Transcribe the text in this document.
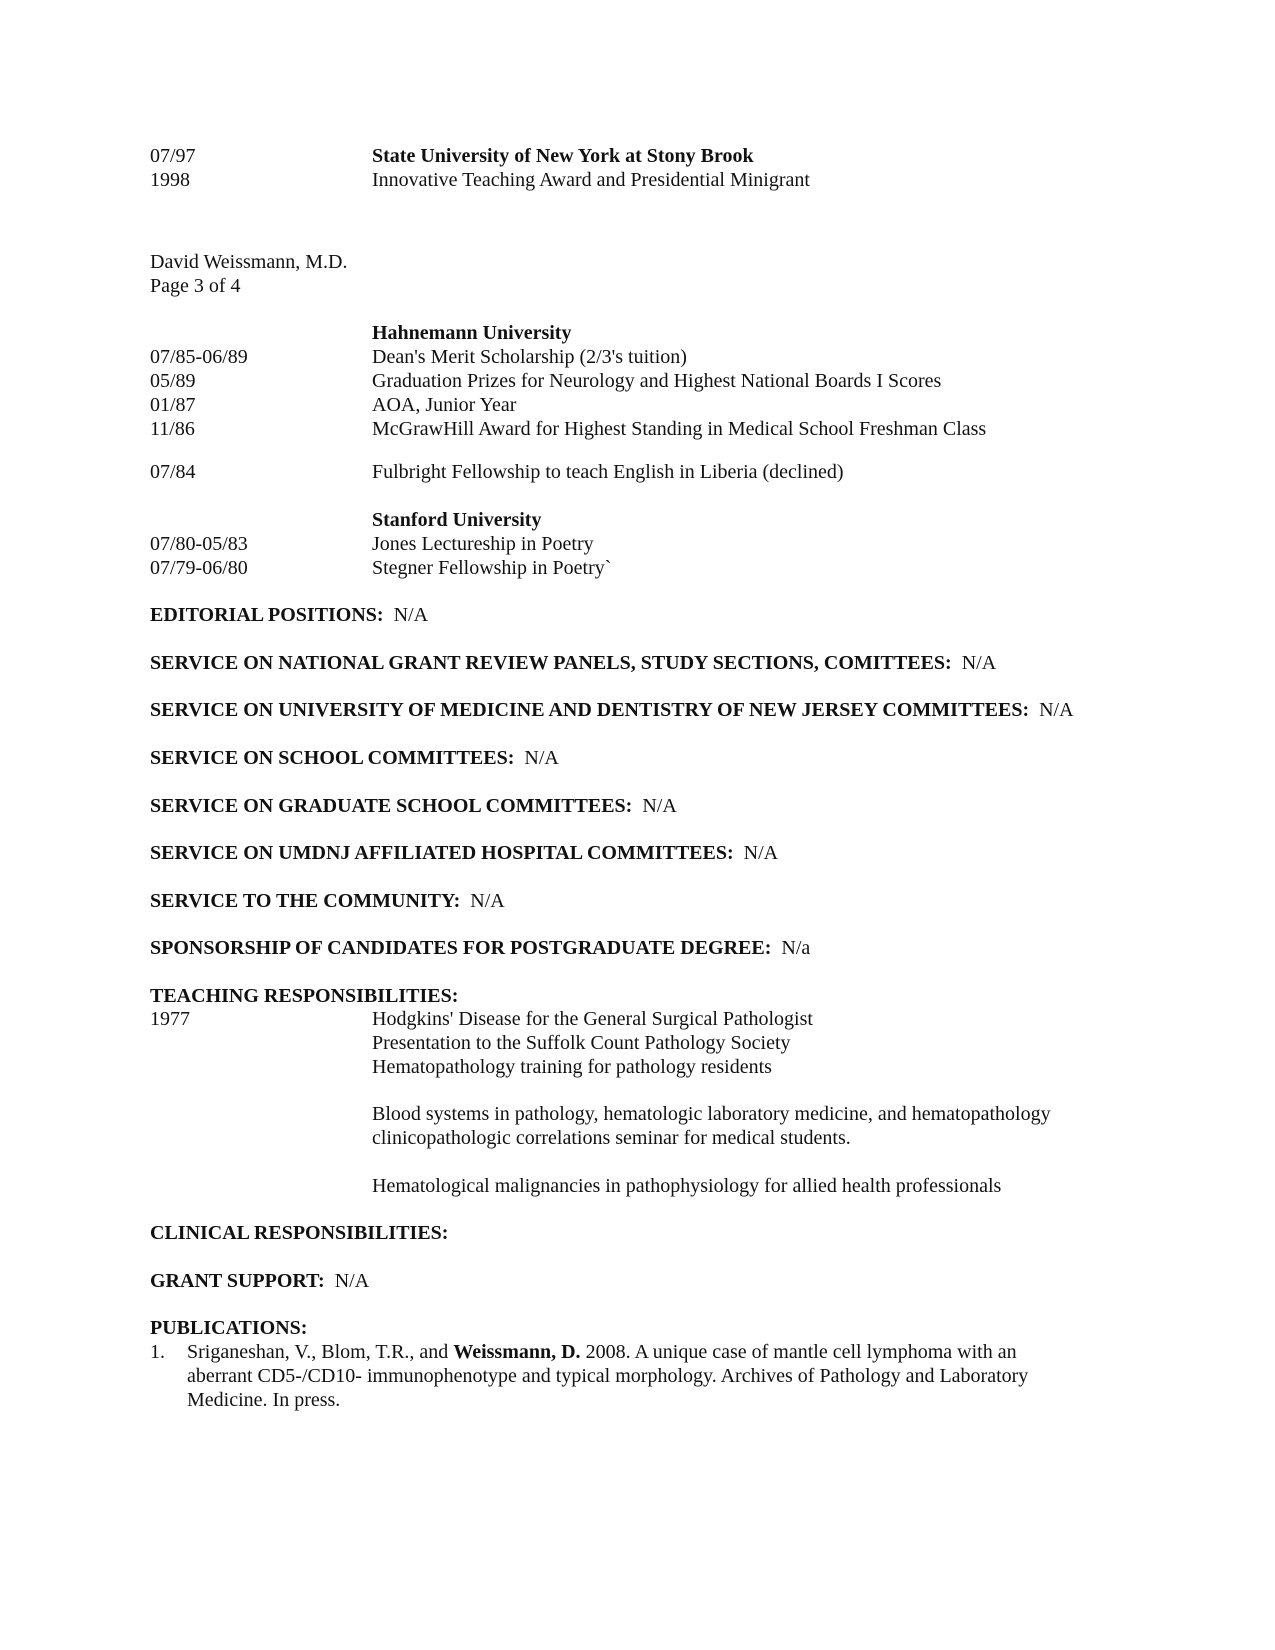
07/97	State University of New York at Stony Brook
1998	Innovative Teaching Award and Presidential Minigrant
David Weissmann, M.D.
Page 3 of 4
Hahnemann University
07/85-06/89	Dean's Merit Scholarship (2/3's tuition)
05/89	Graduation Prizes for Neurology and Highest National Boards I Scores
01/87	AOA, Junior Year
11/86	McGrawHill Award for Highest Standing in Medical School Freshman Class
07/84	Fulbright Fellowship to teach English in Liberia (declined)
Stanford University
07/80-05/83	Jones Lectureship in Poetry
07/79-06/80	Stegner Fellowship in Poetry`
EDITORIAL POSITIONS: N/A
SERVICE ON NATIONAL GRANT REVIEW PANELS, STUDY SECTIONS, COMITTEES: N/A
SERVICE ON UNIVERSITY OF MEDICINE AND DENTISTRY OF NEW JERSEY COMMITTEES: N/A
SERVICE ON SCHOOL COMMITTEES: N/A
SERVICE ON GRADUATE SCHOOL COMMITTEES: N/A
SERVICE ON UMDNJ AFFILIATED HOSPITAL COMMITTEES: N/A
SERVICE TO THE COMMUNITY: N/A
SPONSORSHIP OF CANDIDATES FOR POSTGRADUATE DEGREE: N/a
TEACHING RESPONSIBILITIES:
1977	Hodgkins' Disease for the General Surgical Pathologist
Presentation to the Suffolk Count Pathology Society
Hematopathology training for pathology residents
Blood systems in pathology, hematologic laboratory medicine, and hematopathology
clinicopathologic correlations seminar for medical students.
Hematological malignancies in pathophysiology for allied health professionals
CLINICAL RESPONSIBILITIES:
GRANT SUPPORT: N/A
PUBLICATIONS:
1. Sriganeshan, V., Blom, T.R., and Weissmann, D. 2008. A unique case of mantle cell lymphoma with an
aberrant CD5-/CD10- immunophenotype and typical morphology. Archives of Pathology and Laboratory
Medicine. In press.
